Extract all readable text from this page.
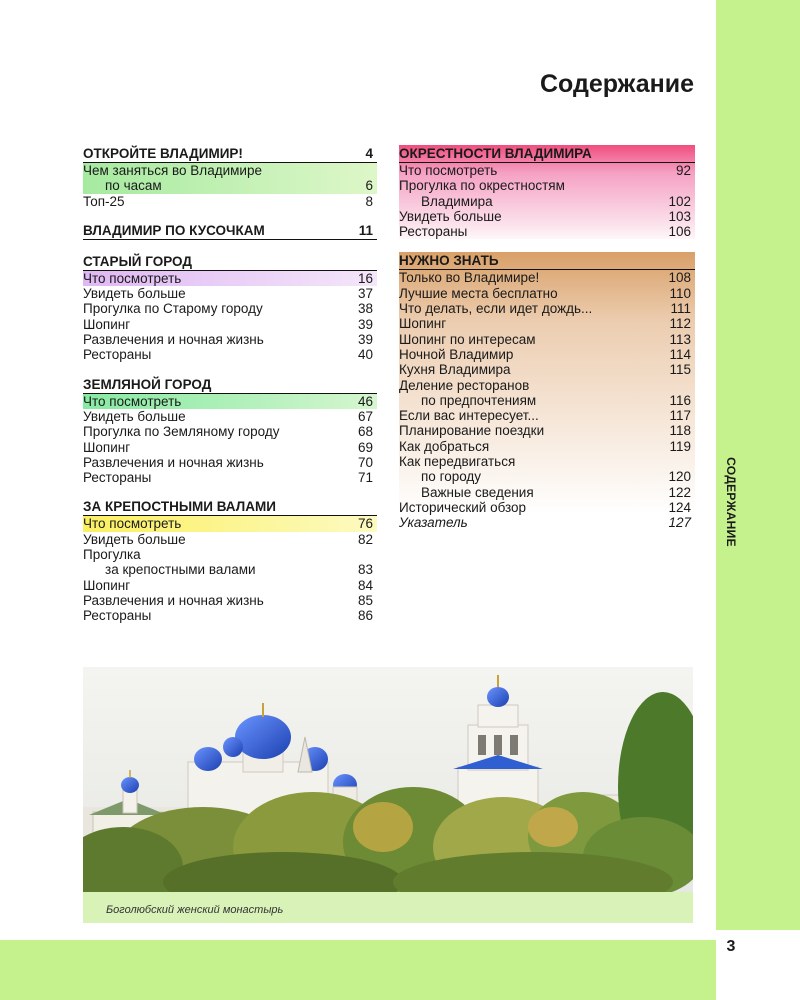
3
СОДЕРЖАНИЕ
Содержание
ОТКРОЙТЕ ВЛАДИМИР!	4
Чем заняться во Владимире
по часам	6
Топ-25	8
ВЛАДИМИР ПО КУСОЧКАМ	11
СТАРЫЙ ГОРОД
Что посмотреть	16
Увидеть больше	37
Прогулка по Старому городу	38
Шопинг	39
Развлечения и ночная жизнь	39
Рестораны	40
ЗЕМЛЯНОЙ ГОРОД
Что посмотреть	46
Увидеть больше	67
Прогулка по Земляному городу	68
Шопинг	69
Развлечения и ночная жизнь	70
Рестораны	71
ЗА КРЕПОСТНЫМИ ВАЛАМИ
Что посмотреть	76
Увидеть больше	82
Прогулка
за крепостными валами	83
Шопинг	84
Развлечения и ночная жизнь	85
Рестораны	86
ОКРЕСТНОСТИ ВЛАДИМИРА
Что посмотреть	92
Прогулка по окрестностям
Владимира	102
Увидеть больше	103
Рестораны	106
НУЖНО ЗНАТЬ
Только во Владимире!	108
Лучшие места бесплатно	110
Что делать, если идет дождь...	111
Шопинг	112
Шопинг по интересам	113
Ночной Владимир	114
Кухня Владимира	115
Деление ресторанов
по предпочтениям	116
Если вас интересует...	117
Планирование поездки	118
Как добраться	119
Как передвигаться
по городу	120
Важные сведения	122
Исторический обзор	124
Указатель	127
Боголюбский женский монастырь
